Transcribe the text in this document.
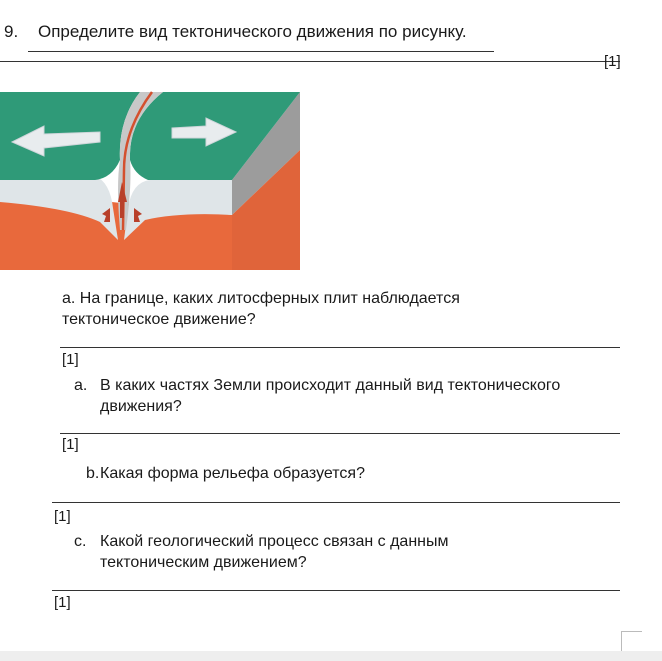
9. Определите вид тектонического движения по рисунку.
[1]
a. На границе, каких литосферных плит наблюдается
тектоническое движение?
[1]
a. В каких частях Земли происходит данный вид тектонического
движения?
[1]
b. Какая форма рельефа образуется?
[1]
c. Какой геологический процесс связан с данным
тектоническим движением?
[1]
